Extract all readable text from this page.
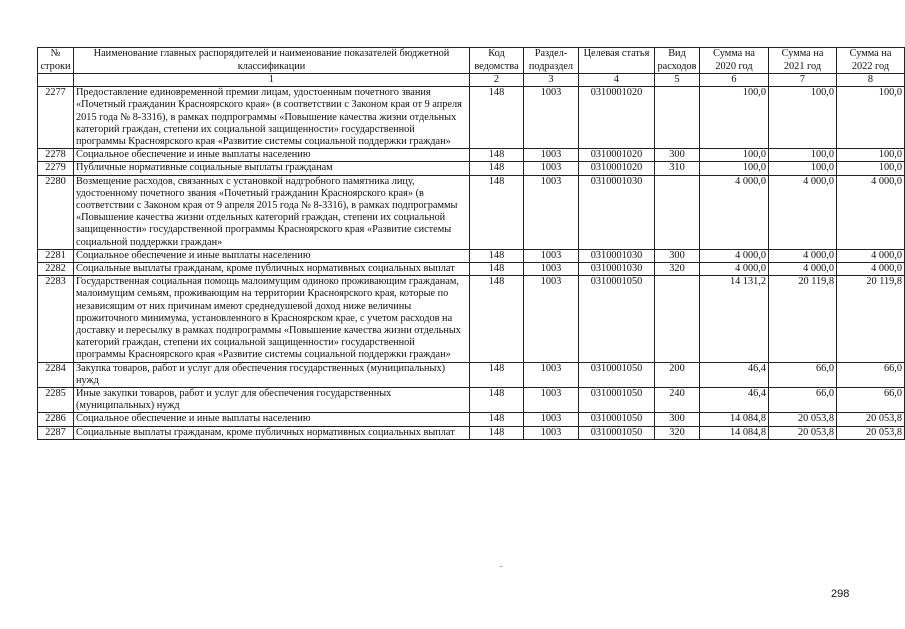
№ строки	Наименование главных распорядителей и наименование показателей бюджетной классификации	Код ведомства	Раздел-подраздел	Целевая статья	Вид расходов	Сумма на 2020 год	Сумма на 2021 год	Сумма на 2022 год
	1	2	3	4	5	6	7	8
2277	Предоставление единовременной премии лицам, удостоенным почетного звания «Почетный гражданин Красноярского края» (в соответствии с Законом края от 9 апреля 2015 года № 8-3316), в рамках подпрограммы «Повышение качества жизни отдельных категорий граждан, степени их социальной защищенности» государственной программы Красноярского края «Развитие системы социальной поддержки граждан»	148	1003	0310001020		100,0	100,0	100,0
2278	Социальное обеспечение и иные выплаты населению	148	1003	0310001020	300	100,0	100,0	100,0
2279	Публичные нормативные социальные выплаты гражданам	148	1003	0310001020	310	100,0	100,0	100,0
2280	Возмещение расходов, связанных с установкой надгробного памятника лицу, удостоенному почетного звания «Почетный гражданин Красноярского края» (в соответствии с Законом края от 9 апреля 2015 года № 8-3316), в рамках подпрограммы «Повышение качества жизни отдельных категорий граждан, степени их социальной защищенности» государственной программы Красноярского края «Развитие системы социальной поддержки граждан»	148	1003	0310001030		4 000,0	4 000,0	4 000,0
2281	Социальное обеспечение и иные выплаты населению	148	1003	0310001030	300	4 000,0	4 000,0	4 000,0
2282	Социальные выплаты гражданам, кроме публичных нормативных социальных выплат	148	1003	0310001030	320	4 000,0	4 000,0	4 000,0
2283	Государственная социальная помощь малоимущим одиноко проживающим гражданам, малоимущим семьям, проживающим на территории Красноярского края, которые по независящим от них причинам имеют среднедушевой доход ниже величины прожиточного минимума, установленного в Красноярском крае, с учетом расходов на доставку и пересылку в рамках подпрограммы «Повышение качества жизни отдельных категорий граждан, степени их социальной защищенности» государственной программы Красноярского края «Развитие системы социальной поддержки граждан»	148	1003	0310001050		14 131,2	20 119,8	20 119,8
2284	Закупка товаров, работ и услуг для обеспечения государственных (муниципальных) нужд	148	1003	0310001050	200	46,4	66,0	66,0
2285	Иные закупки товаров, работ и услуг для обеспечения государственных (муниципальных) нужд	148	1003	0310001050	240	46,4	66,0	66,0
2286	Социальное обеспечение и иные выплаты населению	148	1003	0310001050	300	14 084,8	20 053,8	20 053,8
2287	Социальные выплаты гражданам, кроме публичных нормативных социальных выплат	148	1003	0310001050	320	14 084,8	20 053,8	20 053,8
298
